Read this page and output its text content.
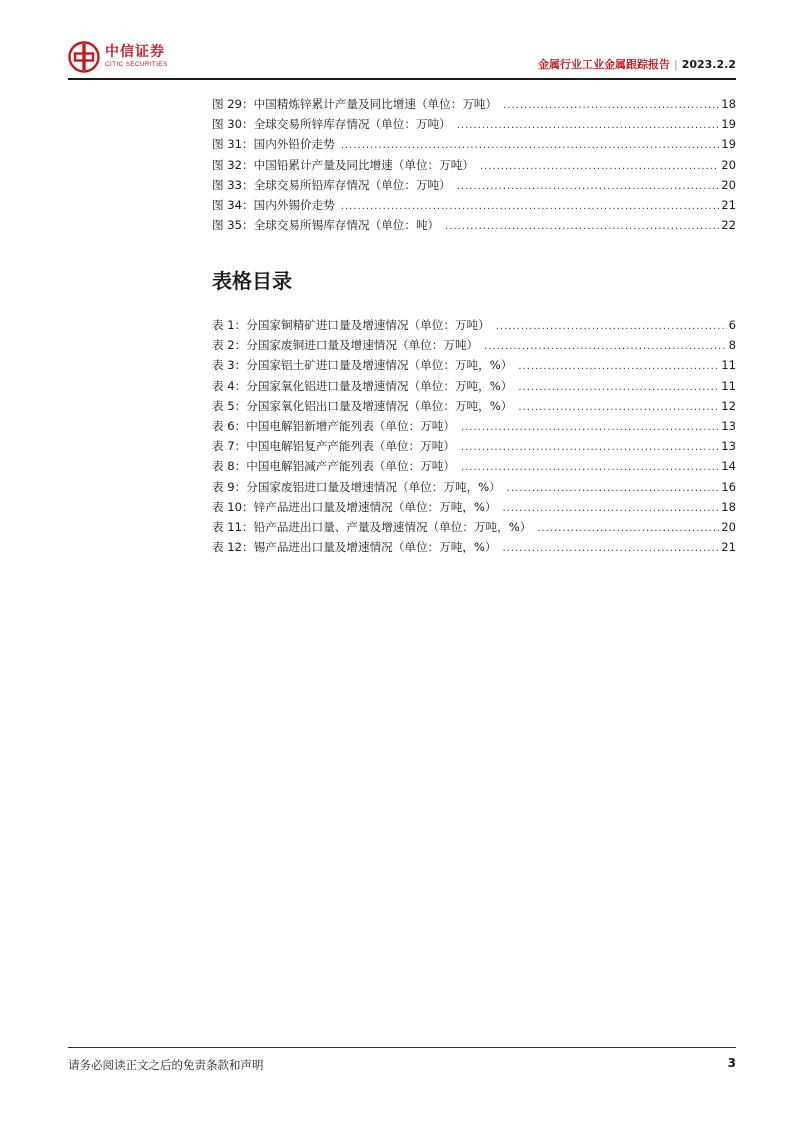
中信证券
CITIC SECURITIES	金属行业工业金属跟踪报告 | 2023.2.2
图 29：中国精炼锌累计产量及同比增速（单位：万吨） .....	18
图 30：全球交易所锌库存情况（单位：万吨） .....	19
图 31：国内外铅价走势 .....	19
图 32：中国铅累计产量及同比增速（单位：万吨） .....	20
图 33：全球交易所铅库存情况（单位：万吨） .....	20
图 34：国内外锡价走势 .....	21
图 35：全球交易所锡库存情况（单位：吨） .....	22
表格目录
表 1：分国家铜精矿进口量及增速情况（单位：万吨） .....	6
表 2：分国家废铜进口量及增速情况（单位：万吨） .....	8
表 3：分国家铝土矿进口量及增速情况（单位：万吨，%） .....	11
表 4：分国家氧化铝进口量及增速情况（单位：万吨，%） .....	11
表 5：分国家氧化铝出口量及增速情况（单位：万吨，%） .....	12
表 6：中国电解铝新增产能列表（单位：万吨） .....	13
表 7：中国电解铝复产产能列表（单位：万吨） .....	13
表 8：中国电解铝减产产能列表（单位：万吨） .....	14
表 9：分国家废铝进口量及增速情况（单位：万吨，%） .....	16
表 10：锌产品进出口量及增速情况（单位：万吨，%） .....	18
表 11：铅产品进出口量、产量及增速情况（单位：万吨，%） .....	20
表 12：锡产品进出口量及增速情况（单位：万吨，%） .....	21
请务必阅读正文之后的免责条款和声明	3
